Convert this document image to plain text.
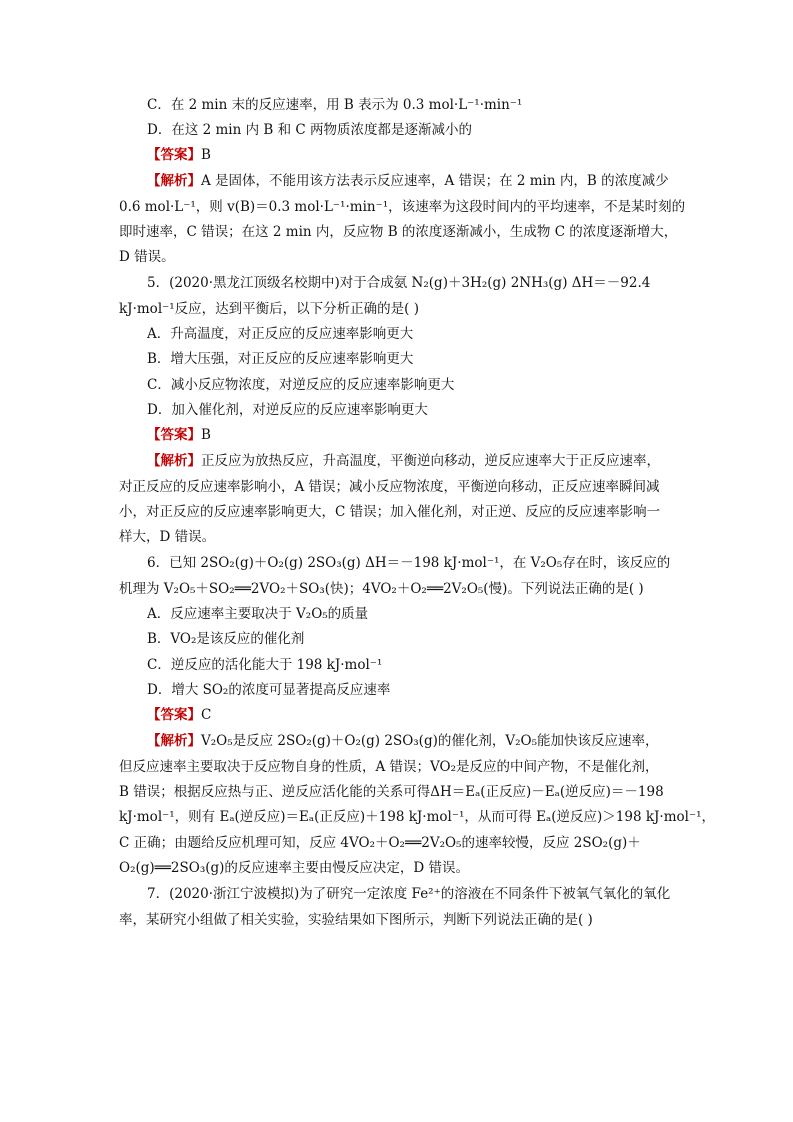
C．在 2 min 末的反应速率，用 B 表示为 0.3 mol·L⁻¹·min⁻¹
D．在这 2 min 内 B 和 C 两物质浓度都是逐渐减小的
【答案】B
【解析】A 是固体，不能用该方法表示反应速率，A 错误；在 2 min 内，B 的浓度减少
0.6 mol·L⁻¹，则 v(B)＝0.3 mol·L⁻¹·min⁻¹，该速率为这段时间内的平均速率，不是某时刻的
即时速率，C 错误；在这 2 min 内，反应物 B 的浓度逐渐减小，生成物 C 的浓度逐渐增大，
D 错误。
5．(2020·黑龙江顶级名校期中)对于合成氨 N₂(g)＋3H₂(g) 2NH₃(g) ΔH＝－92.4
kJ·mol⁻¹反应，达到平衡后，以下分析正确的是( )
A．升高温度，对正反应的反应速率影响更大
B．增大压强，对正反应的反应速率影响更大
C．减小反应物浓度，对逆反应的反应速率影响更大
D．加入催化剂，对逆反应的反应速率影响更大
【答案】B
【解析】正反应为放热反应，升高温度，平衡逆向移动，逆反应速率大于正反应速率，
对正反应的反应速率影响小，A 错误；减小反应物浓度，平衡逆向移动，正反应速率瞬间减
小，对正反应的反应速率影响更大，C 错误；加入催化剂，对正逆、反应的反应速率影响一
样大，D 错误。
6．已知 2SO₂(g)＋O₂(g) 2SO₃(g) ΔH＝－198 kJ·mol⁻¹，在 V₂O₅存在时，该反应的
机理为 V₂O₅＋SO₂══2VO₂＋SO₃(快)；4VO₂＋O₂══2V₂O₅(慢)。下列说法正确的是( )
A．反应速率主要取决于 V₂O₅的质量
B．VO₂是该反应的催化剂
C．逆反应的活化能大于 198 kJ·mol⁻¹
D．增大 SO₂的浓度可显著提高反应速率
【答案】C
【解析】V₂O₅是反应 2SO₂(g)＋O₂(g) 2SO₃(g)的催化剂，V₂O₅能加快该反应速率，
但反应速率主要取决于反应物自身的性质，A 错误；VO₂是反应的中间产物，不是催化剂，
B 错误；根据反应热与正、逆反应活化能的关系可得ΔH＝Eₐ(正反应)－Eₐ(逆反应)＝－198
kJ·mol⁻¹，则有 Eₐ(逆反应)＝Eₐ(正反应)＋198 kJ·mol⁻¹，从而可得 Eₐ(逆反应)＞198 kJ·mol⁻¹，
C 正确；由题给反应机理可知，反应 4VO₂＋O₂══2V₂O₅的速率较慢，反应 2SO₂(g)＋
O₂(g)══2SO₃(g)的反应速率主要由慢反应决定，D 错误。
7．(2020·浙江宁波模拟)为了研究一定浓度 Fe²⁺的溶液在不同条件下被氧气氧化的氧化
率，某研究小组做了相关实验，实验结果如下图所示，判断下列说法正确的是( )
